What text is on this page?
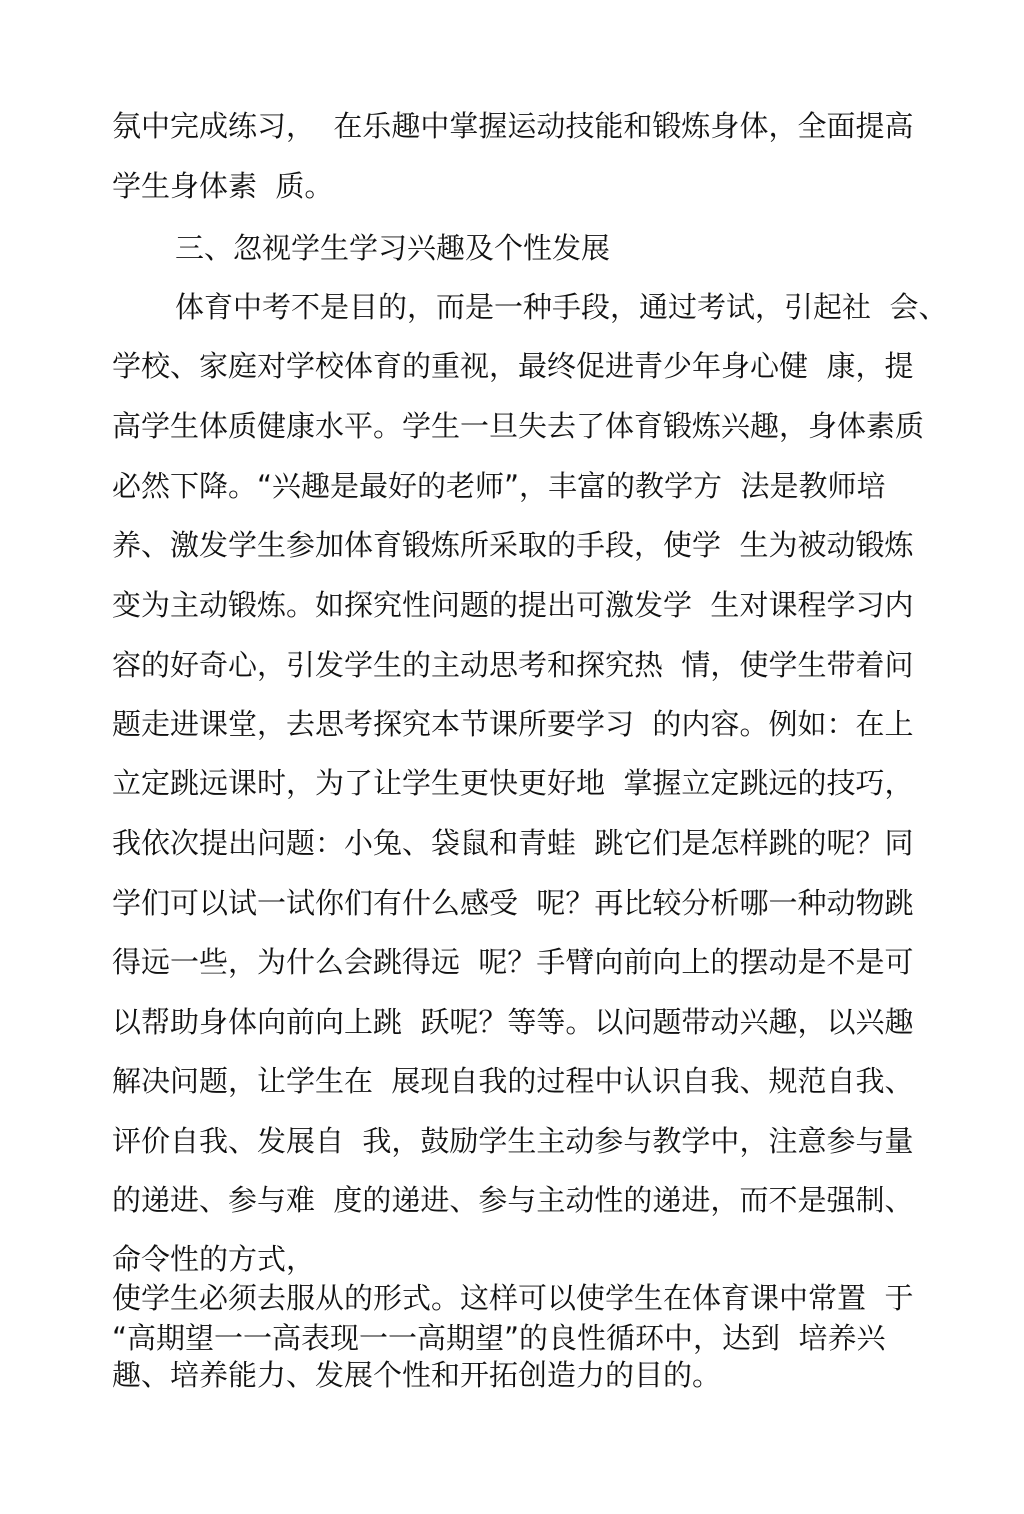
氛中完成练习，  在乐趣中掌握运动技能和锻炼身体，全面提高
学生身体素  质。
三、忽视学生学习兴趣及个性发展
体育中考不是目的，而是一种手段，通过考试，引起社  会、
学校、家庭对学校体育的重视，最终促进青少年身心健  康，提
高学生体质健康水平。学生一旦失去了体育锻炼兴趣，身体素质
必然下降。“兴趣是最好的老师”，丰富的教学方  法是教师培
养、激发学生参加体育锻炼所采取的手段，使学  生为被动锻炼
变为主动锻炼。如探究性问题的提出可激发学  生对课程学习内
容的好奇心，引发学生的主动思考和探究热  情，使学生带着问
题走进课堂，去思考探究本节课所要学习  的内容。例如：在上
立定跳远课时，为了让学生更快更好地  掌握立定跳远的技巧，
我依次提出问题：小兔、袋鼠和青蛙  跳它们是怎样跳的呢？同
学们可以试一试你们有什么感受  呢？再比较分析哪一种动物跳
得远一些，为什么会跳得远  呢？手臂向前向上的摆动是不是可
以帮助身体向前向上跳  跃呢？等等。以问题带动兴趣，以兴趣
解决问题，让学生在  展现自我的过程中认识自我、规范自我、
评价自我、发展自  我，鼓励学生主动参与教学中，注意参与量
的递进、参与难  度的递进、参与主动性的递进，而不是强制、
命令性的方式，
使学生必须去服从的形式。这样可以使学生在体育课中常置  于
“高期望一一高表现一一高期望”的良性循环中，达到  培养兴
趣、培养能力、发展个性和开拓创造力的目的。
